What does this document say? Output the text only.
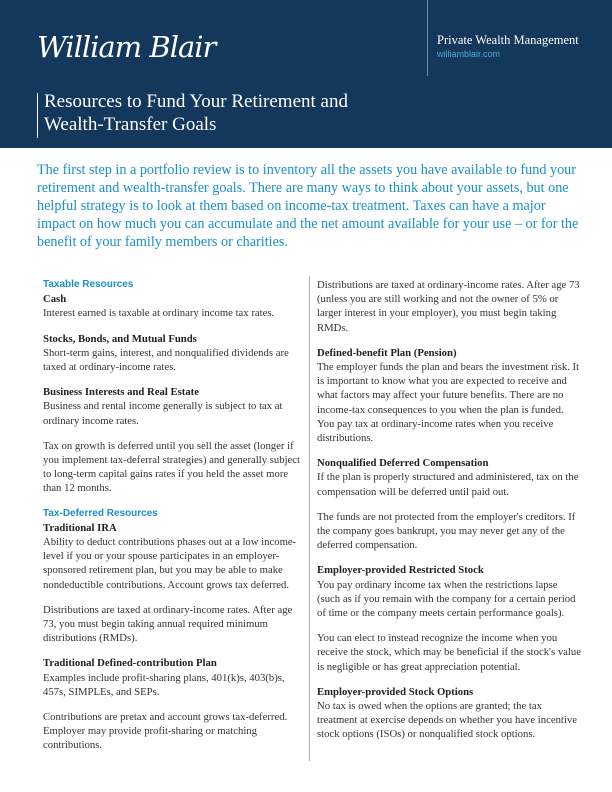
William Blair	Private Wealth Management
williamblair.com
Resources to Fund Your Retirement and
Wealth-Transfer Goals
The first step in a portfolio review is to inventory all the assets you have available to fund your retirement and wealth-transfer goals. There are many ways to think about your assets, but one helpful strategy is to look at them based on income-tax treatment. Taxes can have a major impact on how much you can accumulate and the net amount available for your use – or for the benefit of your family members or charities.
Taxable Resources
Cash

Interest earned is taxable at ordinary income tax rates.

Stocks, Bonds, and Mutual Funds

Short-term gains, interest, and nonqualified dividends are taxed at ordinary-income rates.

Business Interests and Real Estate

Business and rental income generally is subject to tax at ordinary income rates.

Tax on growth is deferred until you sell the asset (longer if you implement tax-deferral strategies) and generally subject to long-term capital gains rates if you held the asset more than 12 months.

Tax-Deferred Resources
Traditional IRA

Ability to deduct contributions phases out at a low income-level if you or your spouse participates in an employer-sponsored retirement plan, but you may be able to make nondeductible contributions. Account grows tax deferred.

Distributions are taxed at ordinary-income rates. After age 73, you must begin taking annual required minimum distributions (RMDs).

Traditional Defined-contribution Plan

Examples include profit-sharing plans, 401(k)s, 403(b)s, 457s, SIMPLEs, and SEPs.

Contributions are pretax and account grows tax-deferred. Employer may provide profit-sharing or matching contributions.

Distributions are taxed at ordinary-income rates. After age 73 (unless you are still working and not the owner of 5% or larger interest in your employer), you must begin taking RMDs.

Defined-benefit Plan (Pension)

The employer funds the plan and bears the investment risk. It is important to know what you are expected to receive and what factors may affect your future benefits. There are no income-tax consequences to you when the plan is funded. You pay tax at ordinary-income rates when you receive distributions.

Nonqualified Deferred Compensation

If the plan is properly structured and administered, tax on the compensation will be deferred until paid out.

The funds are not protected from the employer's creditors. If the company goes bankrupt, you may never get any of the deferred compensation.

Employer-provided Restricted Stock

You pay ordinary income tax when the restrictions lapse (such as if you remain with the company for a certain period of time or the company meets certain performance goals).

You can elect to instead recognize the income when you receive the stock, which may be beneficial if the stock's value is negligible or has great appreciation potential.

Employer-provided Stock Options

No tax is owed when the options are granted; the tax treatment at exercise depends on whether you have incentive stock options (ISOs) or nonqualified stock options.
